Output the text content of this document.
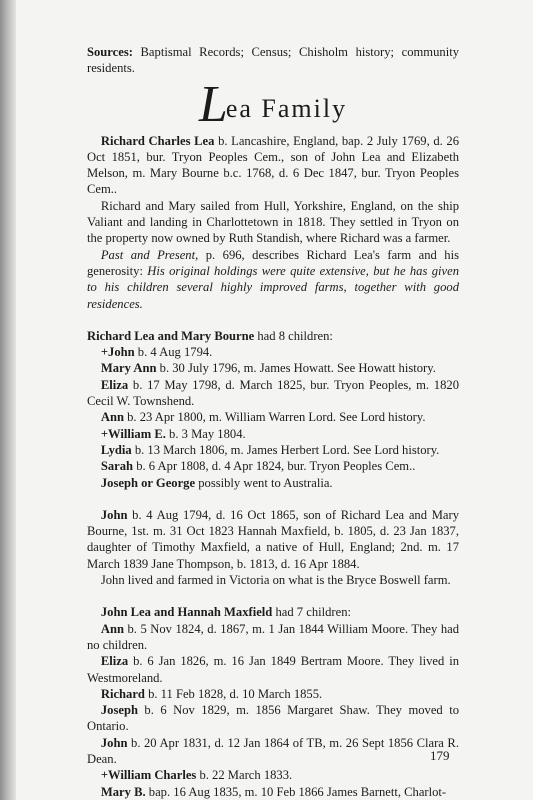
Sources: Baptismal Records; Census; Chisholm history; community residents.

Lea Family

Richard Charles Lea b. Lancashire, England, bap. 2 July 1769, d. 26 Oct 1851, bur. Tryon Peoples Cem., son of John Lea and Elizabeth Melson, m. Mary Bourne b.c. 1768, d. 6 Dec 1847, bur. Tryon Peoples Cem..

Richard and Mary sailed from Hull, Yorkshire, England, on the ship Valiant and landing in Charlottetown in 1818. They settled in Tryon on the property now owned by Ruth Standish, where Richard was a farmer.

Past and Present, p. 696, describes Richard Lea's farm and his generosity: His original holdings were quite extensive, but he has given to his children several highly improved farms, together with good residences.

Richard Lea and Mary Bourne had 8 children:

+John b. 4 Aug 1794.

Mary Ann b. 30 July 1796, m. James Howatt. See Howatt history.

Eliza b. 17 May 1798, d. March 1825, bur. Tryon Peoples, m. 1820 Cecil W. Townshend.

Ann b. 23 Apr 1800, m. William Warren Lord. See Lord history.

+William E. b. 3 May 1804.

Lydia b. 13 March 1806, m. James Herbert Lord. See Lord history.

Sarah b. 6 Apr 1808, d. 4 Apr 1824, bur. Tryon Peoples Cem..

Joseph or George possibly went to Australia.

John b. 4 Aug 1794, d. 16 Oct 1865, son of Richard Lea and Mary Bourne, 1st. m. 31 Oct 1823 Hannah Maxfield, b. 1805, d. 23 Jan 1837, daughter of Timothy Maxfield, a native of Hull, England; 2nd. m. 17 March 1839 Jane Thompson, b. 1813, d. 16 Apr 1884.

John lived and farmed in Victoria on what is the Bryce Boswell farm.

John Lea and Hannah Maxfield had 7 children:

Ann b. 5 Nov 1824, d. 1867, m. 1 Jan 1844 William Moore. They had no children.

Eliza b. 6 Jan 1826, m. 16 Jan 1849 Bertram Moore. They lived in Westmoreland.

Richard b. 11 Feb 1828, d. 10 March 1855.

Joseph b. 6 Nov 1829, m. 1856 Margaret Shaw. They moved to Ontario.

John b. 20 Apr 1831, d. 12 Jan 1864 of TB, m. 26 Sept 1856 Clara R. Dean.

+William Charles b. 22 March 1833.

Mary B. bap. 16 Aug 1835, m. 10 Feb 1866 James Barnett, Charlot-

179
